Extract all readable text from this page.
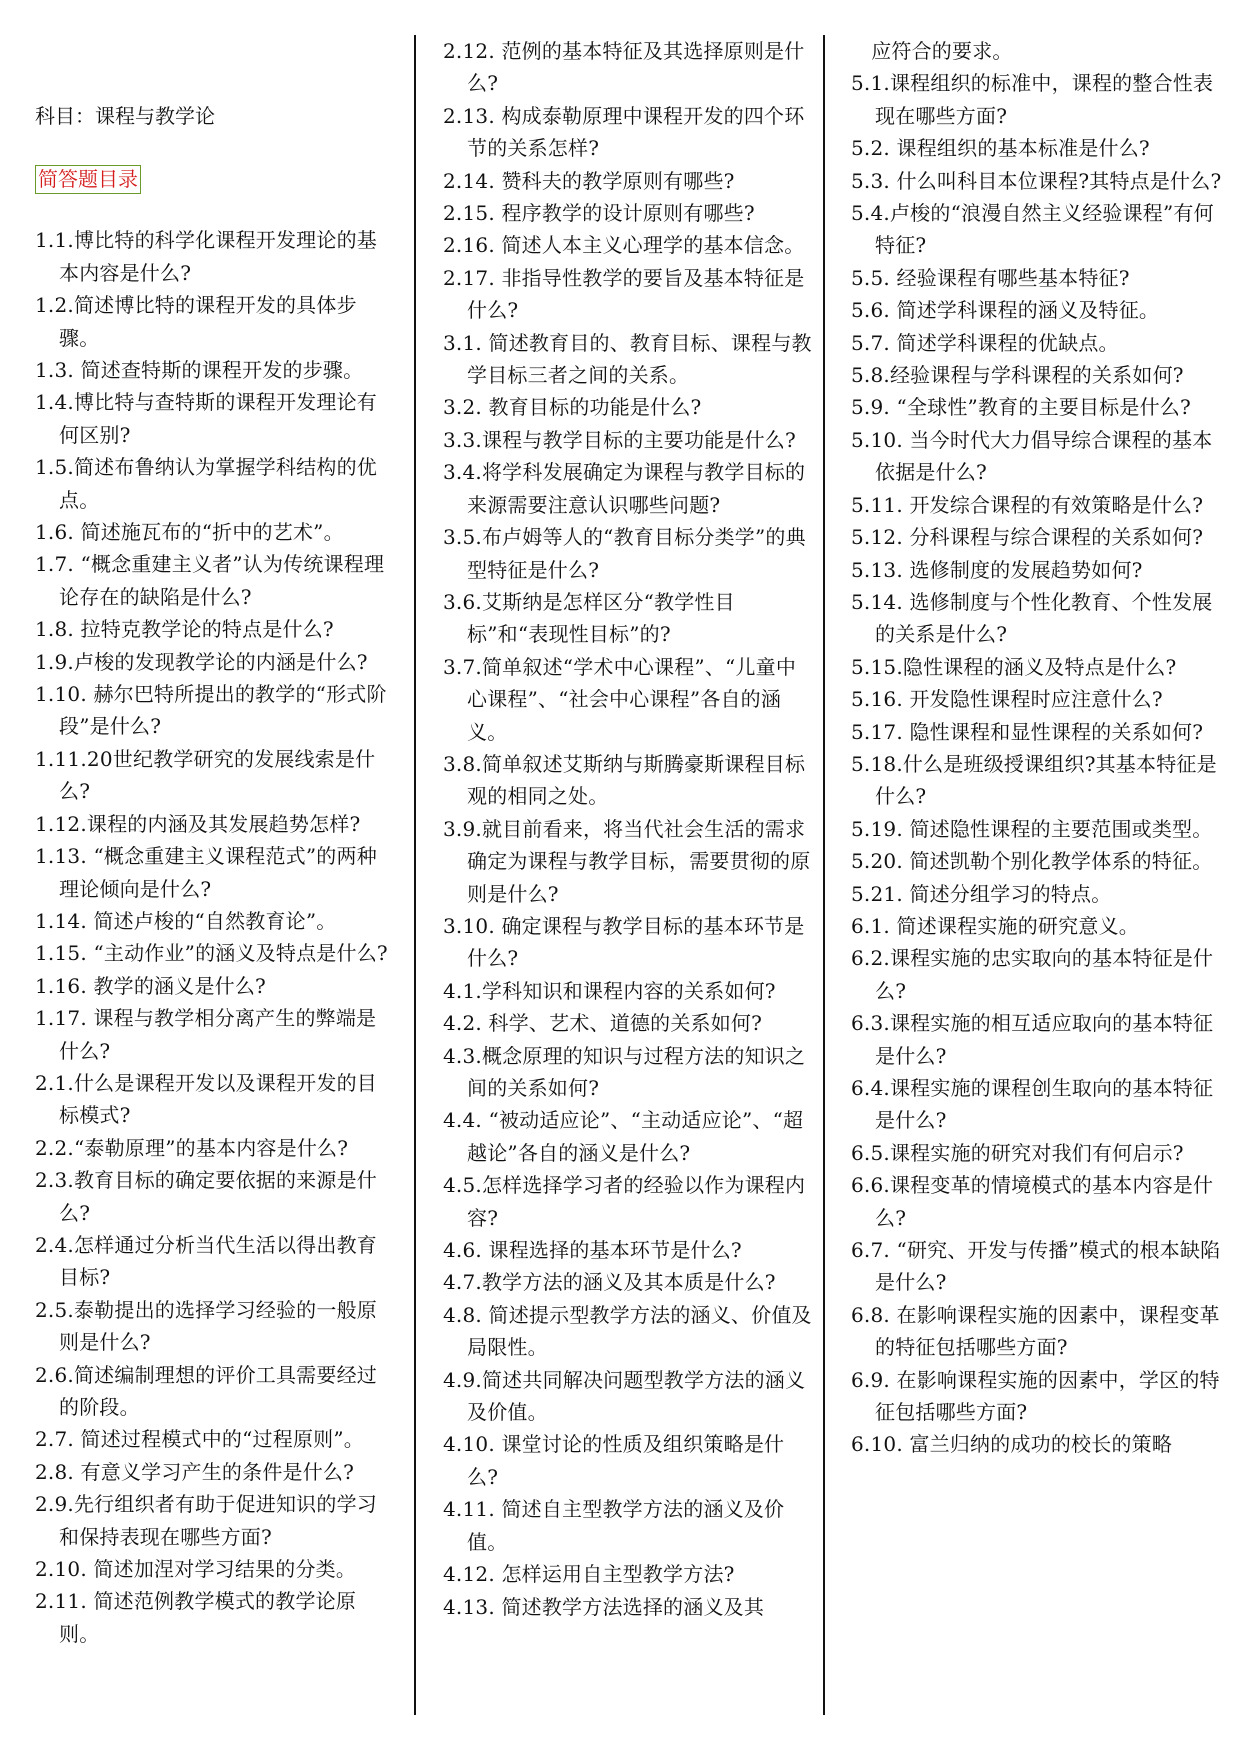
科目：课程与教学论
简答题目录
1.1.博比特的科学化课程开发理论的基本内容是什么?
1.2.简述博比特的课程开发的具体步骤。
1.3. 简述查特斯的课程开发的步骤。
1.4.博比特与查特斯的课程开发理论有何区别?
1.5.简述布鲁纳认为掌握学科结构的优点。
1.6. 简述施瓦布的“折中的艺术”。
1.7. “概念重建主义者”认为传统课程理论存在的缺陷是什么?
1.8. 拉特克教学论的特点是什么?
1.9.卢梭的发现教学论的内涵是什么?
1.10. 赫尔巴特所提出的教学的“形式阶段”是什么?
1.11.20世纪教学研究的发展线索是什么?
1.12.课程的内涵及其发展趋势怎样?
1.13. “概念重建主义课程范式”的两种理论倾向是什么?
1.14. 简述卢梭的“自然教育论”。
1.15. “主动作业”的涵义及特点是什么?
1.16. 教学的涵义是什么?
1.17. 课程与教学相分离产生的弊端是什么?
2.1.什么是课程开发以及课程开发的目标模式?
2.2.“泰勒原理”的基本内容是什么?
2.3.教育目标的确定要依据的来源是什么?
2.4.怎样通过分析当代生活以得出教育目标?
2.5.泰勒提出的选择学习经验的一般原则是什么?
2.6.简述编制理想的评价工具需要经过的阶段。
2.7. 简述过程模式中的“过程原则”。
2.8. 有意义学习产生的条件是什么?
2.9.先行组织者有助于促进知识的学习和保持表现在哪些方面?
2.10. 简述加涅对学习结果的分类。
2.11. 简述范例教学模式的教学论原则。
2.12. 范例的基本特征及其选择原则是什么?
2.13. 构成泰勒原理中课程开发的四个环节的关系怎样?
2.14. 赞科夫的教学原则有哪些?
2.15. 程序教学的设计原则有哪些?
2.16. 简述人本主义心理学的基本信念。
2.17. 非指导性教学的要旨及基本特征是什么?
3.1. 简述教育目的、教育目标、课程与教学目标三者之间的关系。
3.2. 教育目标的功能是什么?
3.3.课程与教学目标的主要功能是什么?
3.4.将学科发展确定为课程与教学目标的来源需要注意认识哪些问题?
3.5.布卢姆等人的“教育目标分类学”的典型特征是什么?
3.6.艾斯纳是怎样区分“教学性目标”和“表现性目标”的?
3.7.简单叙述“学术中心课程”、“儿童中心课程”、“社会中心课程”各自的涵义。
3.8.简单叙述艾斯纳与斯腾豪斯课程目标观的相同之处。
3.9.就目前看来，将当代社会生活的需求确定为课程与教学目标，需要贯彻的原则是什么?
3.10. 确定课程与教学目标的基本环节是什么?
4.1.学科知识和课程内容的关系如何?
4.2. 科学、艺术、道德的关系如何?
4.3.概念原理的知识与过程方法的知识之间的关系如何?
4.4. “被动适应论”、“主动适应论”、“超越论”各自的涵义是什么?
4.5.怎样选择学习者的经验以作为课程内容?
4.6. 课程选择的基本环节是什么?
4.7.教学方法的涵义及其本质是什么?
4.8. 简述提示型教学方法的涵义、价值及局限性。
4.9.简述共同解决问题型教学方法的涵义及价值。
4.10. 课堂讨论的性质及组织策略是什么?
4.11. 简述自主型教学方法的涵义及价值。
4.12. 怎样运用自主型教学方法?
4.13. 简述教学方法选择的涵义及其
　应符合的要求。
5.1.课程组织的标准中，课程的整合性表现在哪些方面?
5.2. 课程组织的基本标准是什么?
5.3. 什么叫科目本位课程?其特点是什么?
5.4.卢梭的“浪漫自然主义经验课程”有何特征?
5.5. 经验课程有哪些基本特征?
5.6. 简述学科课程的涵义及特征。
5.7. 简述学科课程的优缺点。
5.8.经验课程与学科课程的关系如何?
5.9. “全球性”教育的主要目标是什么?
5.10. 当今时代大力倡导综合课程的基本依据是什么?
5.11. 开发综合课程的有效策略是什么?
5.12. 分科课程与综合课程的关系如何?
5.13. 选修制度的发展趋势如何?
5.14. 选修制度与个性化教育、个性发展的关系是什么?
5.15.隐性课程的涵义及特点是什么?
5.16. 开发隐性课程时应注意什么?
5.17. 隐性课程和显性课程的关系如何?
5.18.什么是班级授课组织?其基本特征是什么?
5.19. 简述隐性课程的主要范围或类型。
5.20. 简述凯勒个别化教学体系的特征。
5.21. 简述分组学习的特点。
6.1. 简述课程实施的研究意义。
6.2.课程实施的忠实取向的基本特征是什么?
6.3.课程实施的相互适应取向的基本特征是什么?
6.4.课程实施的课程创生取向的基本特征是什么?
6.5.课程实施的研究对我们有何启示?
6.6.课程变革的情境模式的基本内容是什么?
6.7. “研究、开发与传播”模式的根本缺陷是什么?
6.8. 在影响课程实施的因素中，课程变革的特征包括哪些方面?
6.9. 在影响课程实施的因素中，学区的特征包括哪些方面?
6.10. 富兰归纳的成功的校长的策略
